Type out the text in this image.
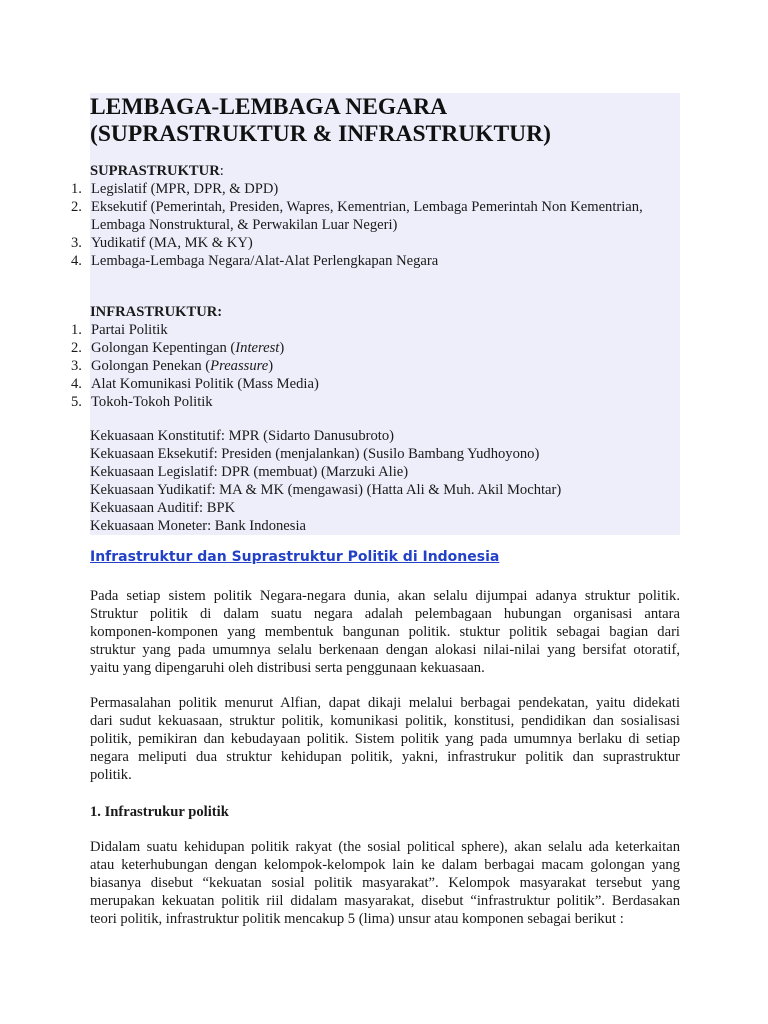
LEMBAGA-LEMBAGA NEGARA
(SUPRASTRUKTUR & INFRASTRUKTUR)
SUPRASTRUKTUR:
1. Legislatif (MPR, DPR, & DPD)
2. Eksekutif (Pemerintah, Presiden, Wapres, Kementrian, Lembaga Pemerintah Non Kementrian,
Lembaga Nonstruktural, & Perwakilan Luar Negeri)
3. Yudikatif (MA, MK & KY)
4. Lembaga-Lembaga Negara/Alat-Alat Perlengkapan Negara
INFRASTRUKTUR:
1. Partai Politik
2. Golongan Kepentingan (Interest)
3. Golongan Penekan (Preassure)
4. Alat Komunikasi Politik (Mass Media)
5. Tokoh-Tokoh Politik
Kekuasaan Konstitutif: MPR (Sidarto Danusubroto)
Kekuasaan Eksekutif: Presiden (menjalankan) (Susilo Bambang Yudhoyono)
Kekuasaan Legislatif: DPR (membuat) (Marzuki Alie)
Kekuasaan Yudikatif: MA & MK (mengawasi) (Hatta Ali & Muh. Akil Mochtar)
Kekuasaan Auditif: BPK
Kekuasaan Moneter: Bank Indonesia
Infrastruktur dan Suprastruktur Politik di Indonesia
Pada setiap sistem politik Negara-negara dunia, akan selalu dijumpai adanya struktur politik.
Struktur politik di dalam suatu negara adalah pelembagaan hubungan organisasi antara
komponen-komponen yang membentuk bangunan politik. stuktur politik sebagai bagian dari
struktur yang pada umumnya selalu berkenaan dengan alokasi nilai-nilai yang bersifat otoratif,
yaitu yang dipengaruhi oleh distribusi serta penggunaan kekuasaan.
Permasalahan politik menurut Alfian, dapat dikaji melalui berbagai pendekatan, yaitu didekati
dari sudut kekuasaan, struktur politik, komunikasi politik, konstitusi, pendidikan dan sosialisasi
politik, pemikiran dan kebudayaan politik. Sistem politik yang pada umumnya berlaku di setiap
negara meliputi dua struktur kehidupan politik, yakni, infrastrukur politik dan suprastruktur
politik.
1. Infrastrukur politik
Didalam suatu kehidupan politik rakyat (the sosial political sphere), akan selalu ada keterkaitan
atau keterhubungan dengan kelompok-kelompok lain ke dalam berbagai macam golongan yang
biasanya disebut “kekuatan sosial politik masyarakat”. Kelompok masyarakat tersebut yang
merupakan kekuatan politik riil didalam masyarakat, disebut “infrastruktur politik”. Berdasakan
teori politik, infrastruktur politik mencakup 5 (lima) unsur atau komponen sebagai berikut :
